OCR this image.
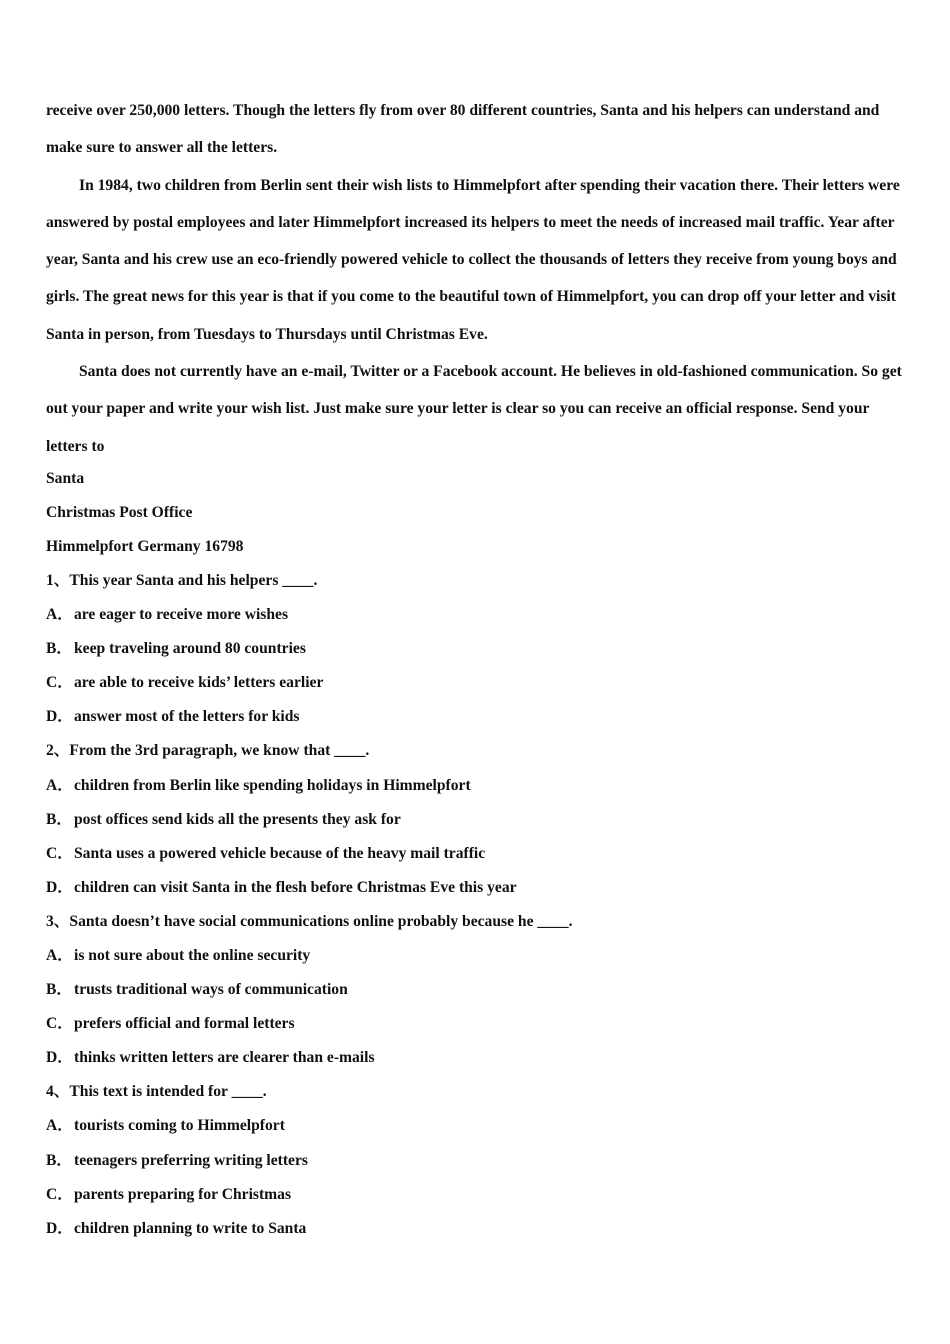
receive over 250,000 letters. Though the letters fly from over 80 different countries, Santa and his helpers can understand and make sure to answer all the letters.

In 1984, two children from Berlin sent their wish lists to Himmelpfort after spending their vacation there. Their letters were answered by postal employees and later Himmelpfort increased its helpers to meet the needs of increased mail traffic. Year after year, Santa and his crew use an eco-friendly powered vehicle to collect the thousands of letters they receive from young boys and girls. The great news for this year is that if you come to the beautiful town of Himmelpfort, you can drop off your letter and visit Santa in person, from Tuesdays to Thursdays until Christmas Eve.

Santa does not currently have an e-mail, Twitter or a Facebook account. He believes in old-fashioned communication. So get out your paper and write your wish list. Just make sure your letter is clear so you can receive an official response. Send your letters to

Santa

Christmas Post Office

Himmelpfort Germany 16798

1、This year Santa and his helpers ____.

A．are eager to receive more wishes

B． keep traveling around 80 countries

C．are able to receive kids’ letters earlier

D．answer most of the letters for kids

2、From the 3rd paragraph, we know that ____.

A．children from Berlin like spending holidays in Himmelpfort

B． post offices send kids all the presents they ask for

C．Santa uses a powered vehicle because of the heavy mail traffic

D．children can visit Santa in the flesh before Christmas Eve this year

3、Santa doesn’t have social communications online probably because he ____.

A．is not sure about the online security

B． trusts traditional ways of communication

C．prefers official and formal letters

D．thinks written letters are clearer than e-mails

4、This text is intended for ____.

A．tourists coming to Himmelpfort

B． teenagers preferring writing letters

C．parents preparing for Christmas

D．children planning to write to Santa
